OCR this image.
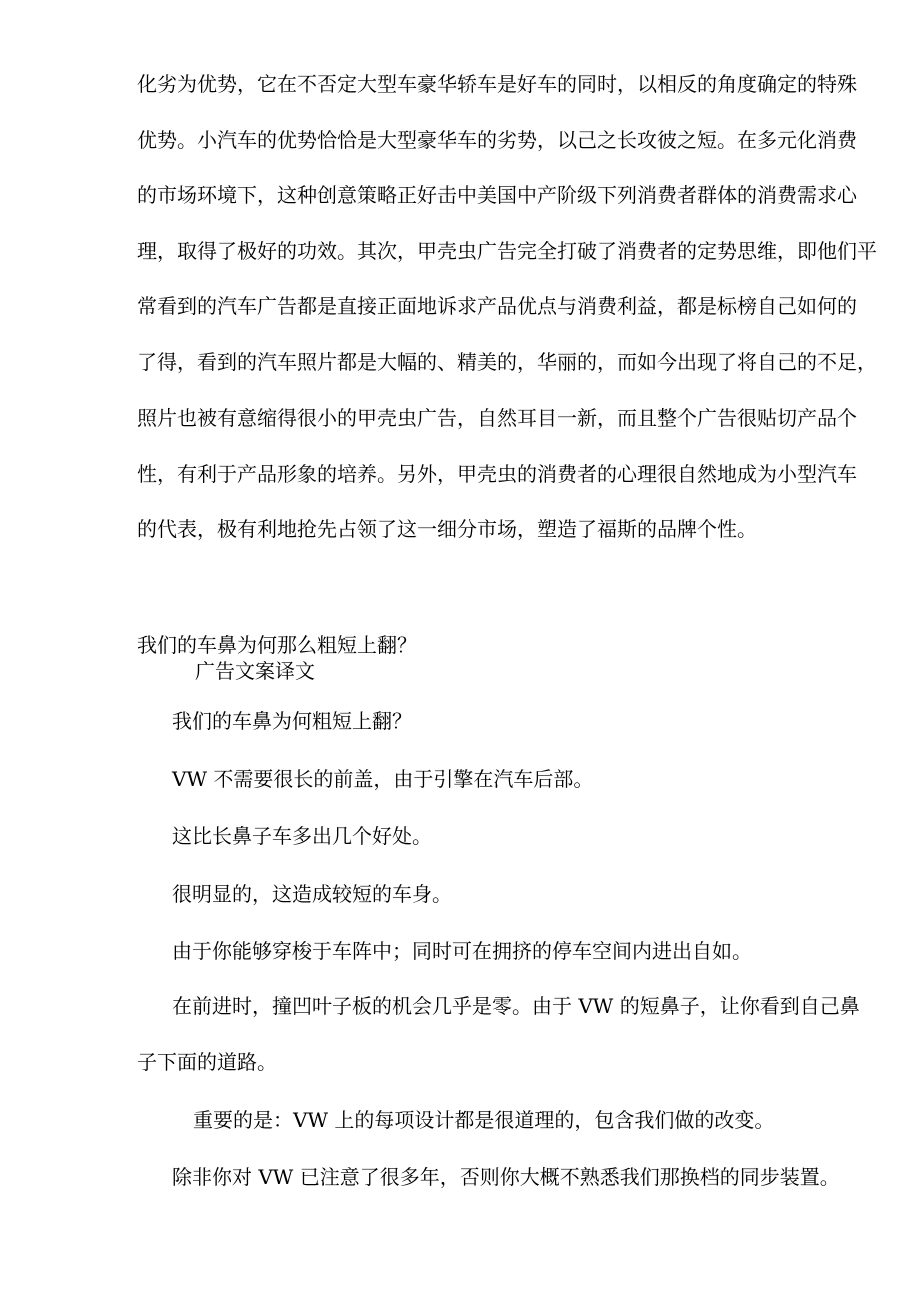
化劣为优势，它在不否定大型车豪华轿车是好车的同时，以相反的角度确定的特殊
优势。小汽车的优势恰恰是大型豪华车的劣势，以己之长攻彼之短。在多元化消费
的市场环境下，这种创意策略正好击中美国中产阶级下列消费者群体的消费需求心
理，取得了极好的功效。其次，甲壳虫广告完全打破了消费者的定势思维，即他们平
常看到的汽车广告都是直接正面地诉求产品优点与消费利益，都是标榜自己如何的
了得，看到的汽车照片都是大幅的、精美的，华丽的，而如今出现了将自己的不足，
照片也被有意缩得很小的甲壳虫广告，自然耳目一新，而且整个广告很贴切产品个
性，有利于产品形象的培养。另外，甲壳虫的消费者的心理很自然地成为小型汽车
的代表，极有利地抢先占领了这一细分市场，塑造了福斯的品牌个性。
我们的车鼻为何那么粗短上翻？
广告文案译文
我们的车鼻为何粗短上翻？
VW 不需要很长的前盖，由于引擎在汽车后部。
这比长鼻子车多出几个好处。
很明显的，这造成较短的车身。
由于你能够穿梭于车阵中；同时可在拥挤的停车空间内进出自如。
在前进时，撞凹叶子板的机会几乎是零。由于 VW 的短鼻子，让你看到自己鼻
子下面的道路。
重要的是：VW 上的每项设计都是很道理的，包含我们做的改变。
除非你对 VW 已注意了很多年，否则你大概不熟悉我们那换档的同步装置。
